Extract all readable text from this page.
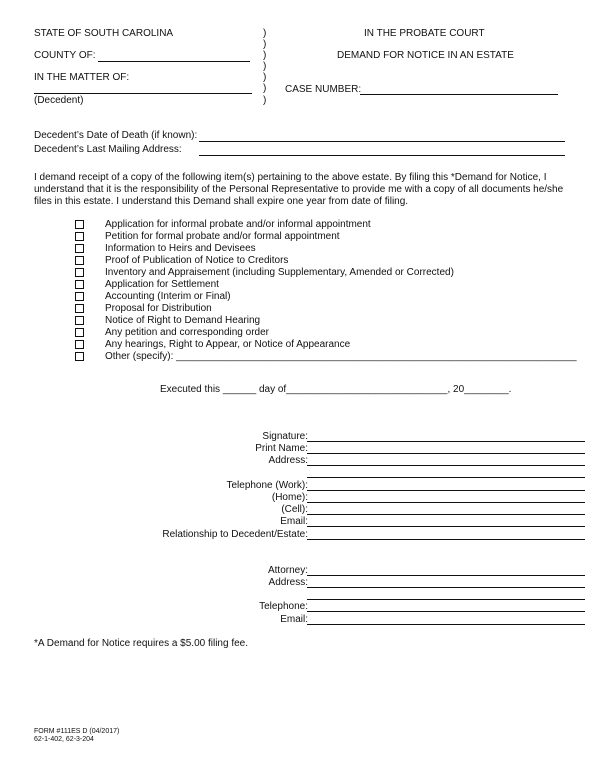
STATE OF SOUTH CAROLINA
COUNTY OF:
IN THE MATTER OF:
(Decedent)
)
)
)
)
)
)
)
IN THE PROBATE COURT
DEMAND FOR NOTICE IN AN ESTATE
CASE NUMBER:
Decedent’s Date of Death (if known):
Decedent’s Last Mailing Address:
I demand receipt of a copy of the following item(s) pertaining to the above estate. By filing this *Demand for Notice, I understand that it is the responsibility of the Personal Representative to provide me with a copy of all documents he/she files in this estate. I understand this Demand shall expire one year from date of filing.
Application for informal probate and/or informal appointment
Petition for formal probate and/or formal appointment
Information to Heirs and Devisees
Proof of Publication of Notice to Creditors
Inventory and Appraisement (including Supplementary, Amended or Corrected)
Application for Settlement
Accounting (Interim or Final)
Proposal for Distribution
Notice of Right to Demand Hearing
Any petition and corresponding order
Any hearings, Right to Appear, or Notice of Appearance
Other (specify): ________________________________________________________________________
Executed this ______ day of_____________________________, 20________.
Signature:
Print Name:
Address:
Telephone (Work):
(Home):
(Cell):
Email:
Relationship to Decedent/Estate:
Attorney:
Address:
Telephone:
Email:
*A Demand for Notice requires a $5.00 filing fee.
FORM #111ES D (04/2017)
62-1-402, 62-3-204
